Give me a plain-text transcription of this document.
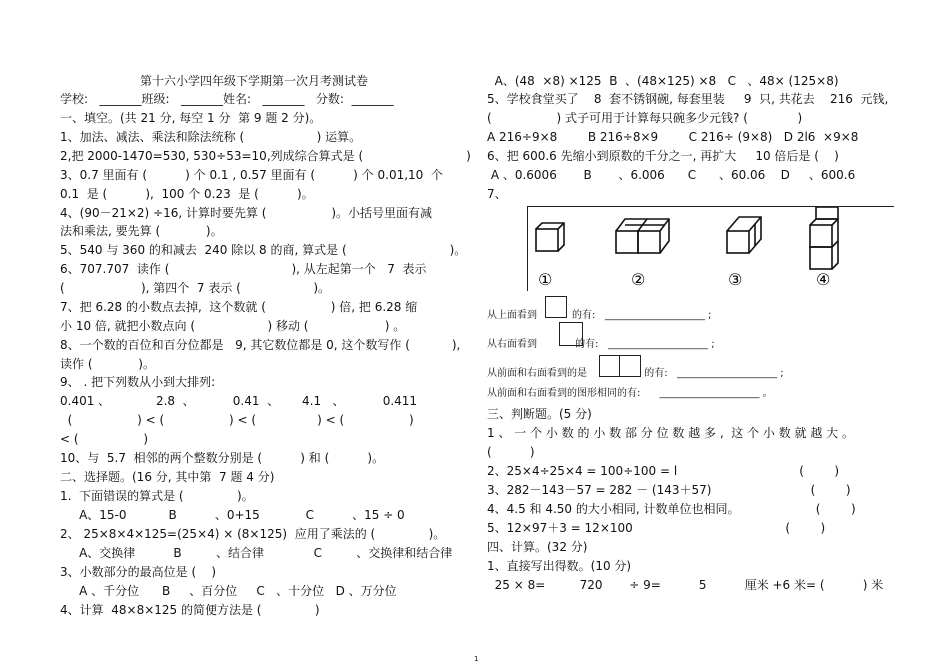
第十六小学四年级下学期第一次月考测试卷
学校:   _______班级:   _______姓名:   _______   分数:  _______
一、填空。(共 21 分, 每空 1 分  第 9 题 2 分)。
1、加法、减法、乘法和除法统称 (                   ) 运算。
2,把 2000-1470=530, 530÷53=10,列成综合算式是 (                           )
3、0.7 里面有 (          ) 个 0.1 , 0.57 里面有 (          ) 个 0.01,10  个
0.1  是 (          ),  100 个 0.23  是 (          )。
4、(90－21×2) ÷16, 计算时要先算 (                 )。小括号里面有减
法和乘法, 要先算 (            )。
5、540 与 360 的和减去  240 除以 8 的商, 算式是 (                           )。
6、707.707  读作 (                                ), 从左起第一个   7  表示
(                    ), 第四个  7 表示 (                   )。
7、把 6.28 的小数点去掉,  这个数就 (                 ) 倍, 把 6.28 缩
小 10 倍, 就把小数点向 (                   ) 移动 (                    ) 。
8、一个数的百位和百分位都是   9, 其它数位都是 0, 这个数写作 (           ),
读作 (            )。
9、 . 把下列数从小到大排列:
0.401 、            2.8  、          0.41  、      4.1   、          0.411
(                 ) < (                 ) < (                ) < (                 )
< (                 )
10、与  5.7  相邻的两个整数分别是 (          ) 和 (          )。
二、选择题。(16 分, 其中第  7 题 4 分)
1.  下面错误的算式是 (              )。
A、15-0           B          、0+15            C          、15 ÷ 0
2、 25×8×4×125=(25×4) × (8×125)  应用了乘法的 (              )。
A、交换律          B         、结合律             C         、交换律和结合律
3、小数部分的最高位是 (    )
A 、千分位      B     、百分位     C   、十分位   D 、万分位
4、计算  48×8×125 的简便方法是 (              )
①	②	③	④
A、(48  ×8) ×125  B  、(48×125) ×8   C   、48× (125×8)
5、学校食堂买了    8  套不锈钢碗, 每套里装     9  只, 共花去    216  元钱,
(                 ) 式子可用于计算每只碗多少元钱? (             )
A 216÷9×8        B 216÷8×9        C 216÷ (9×8)   D 2l6  ×9×8
6、把 600.6 先缩小到原数的千分之一, 再扩大     10 倍后是 (    )
A 、0.6006       B       、6.006      C      、60.06    D     、600.6
7、
从上面看到           的有:   ____________________ ;
从右面看到            的有:   ____________________ ;
从前面和右面看到的是                  的有:   ____________________ ;
从前面和右面看到的图形相同的有:      ____________________ 。
三、判断题。(5 分)
1 、 一 个 小 数 的 小 数 部 分 位 数 越 多 ,  这 个 小 数 就 越 大 。
(          )
2、25×4÷25×4 = 100÷100 = l                                (        )
3、282－143－57 = 282 － (143＋57)                          (        )
4、4.5 和 4.50 的大小相同, 计数单位也相同。                    (        )
5、12×97＋3 = 12×100                                        (        )
四、计算。(32 分)
1、直接写出得数。(10 分)
25 × 8=         720       ÷ 9=          5          厘米 +6 米= (          ) 米
1
